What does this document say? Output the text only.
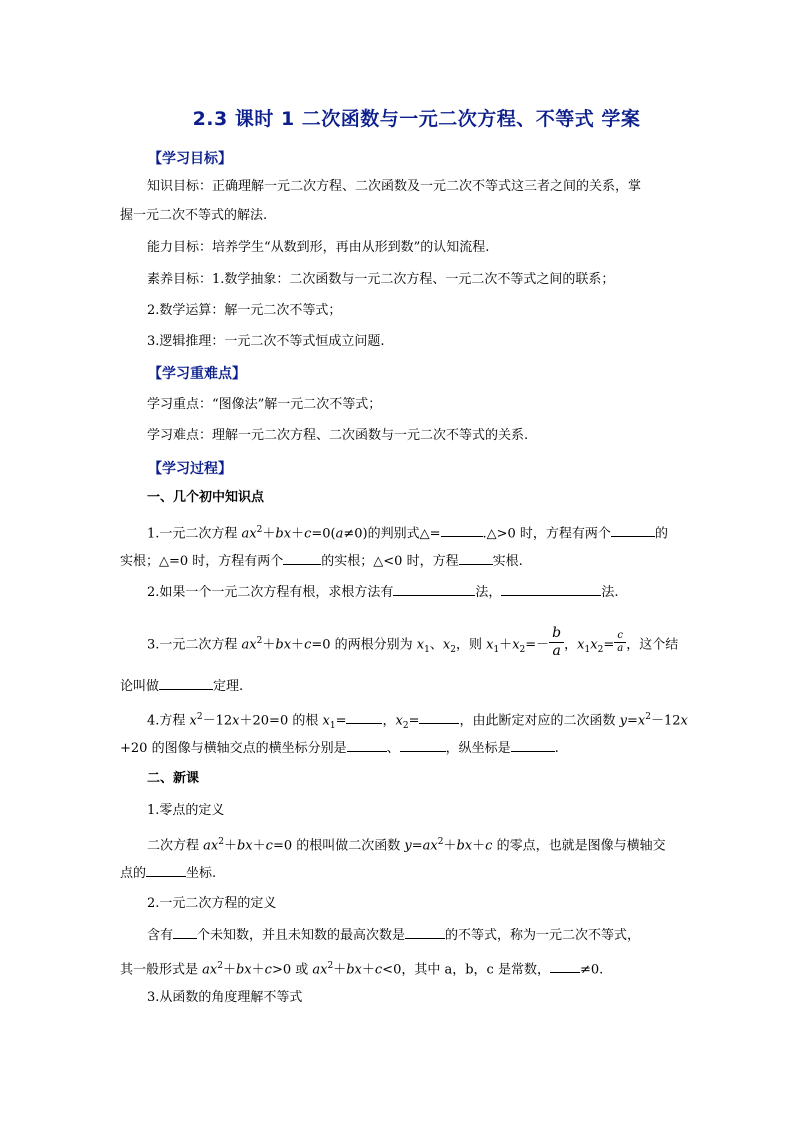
2.3 课时 1 二次函数与一元二次方程、不等式 学案
【学习目标】
知识目标：正确理解一元二次方程、二次函数及一元二次不等式这三者之间的关系，掌
握一元二次不等式的解法.
能力目标：培养学生“从数到形，再由从形到数”的认知流程.
素养目标：1.数学抽象：二次函数与一元二次方程、一元二次不等式之间的联系；
2.数学运算：解一元二次不等式；
3.逻辑推理：一元二次不等式恒成立问题.
【学习重难点】
学习重点：“图像法”解一元二次不等式；
学习难点：理解一元二次方程、二次函数与一元二次不等式的关系.
【学习过程】
一、几个初中知识点
1.一元二次方程 $ax^2+bx+c=0(a\ne 0)$的判别式△=	.△>0 时，方程有两个	的
实根；△=0 时，方程有两个	的实根；△<0 时，方程	实根.
2.如果一个一元二次方程有根，求根方法有	法，	法.
3.一元二次方程 $ax^2+bx+c=0$ 的两根分别为 $x_1$、$x_2$，则 $x_1+x_2=- \frac{b}{a}$ ，$x_1x_2= \frac{c}{a}$ ，这个结
论叫做	定理.
4.方程 $x^2-12x+20=0$ 的根 $x_1=$	，$x_2=$	，由此断定对应的二次函数 $y=x^2-12x$
+20 的图像与横轴交点的横坐标分别是	、	，纵坐标是	.
二、新课
1.零点的定义
二次方程 $ax^2+bx+c=0$ 的根叫做二次函数 $y=ax^2+bx+c$ 的零点，也就是图像与横轴交
点的	坐标.
2.一元二次方程的定义
含有 个未知数，并且未知数的最高次数是	的不等式，称为一元二次不等式，
其一般形式是 $ax^2+bx+c>0$ 或 $ax^2+bx+c<0$，其中 a，b，c 是常数， ≠0.
3.从函数的角度理解不等式
